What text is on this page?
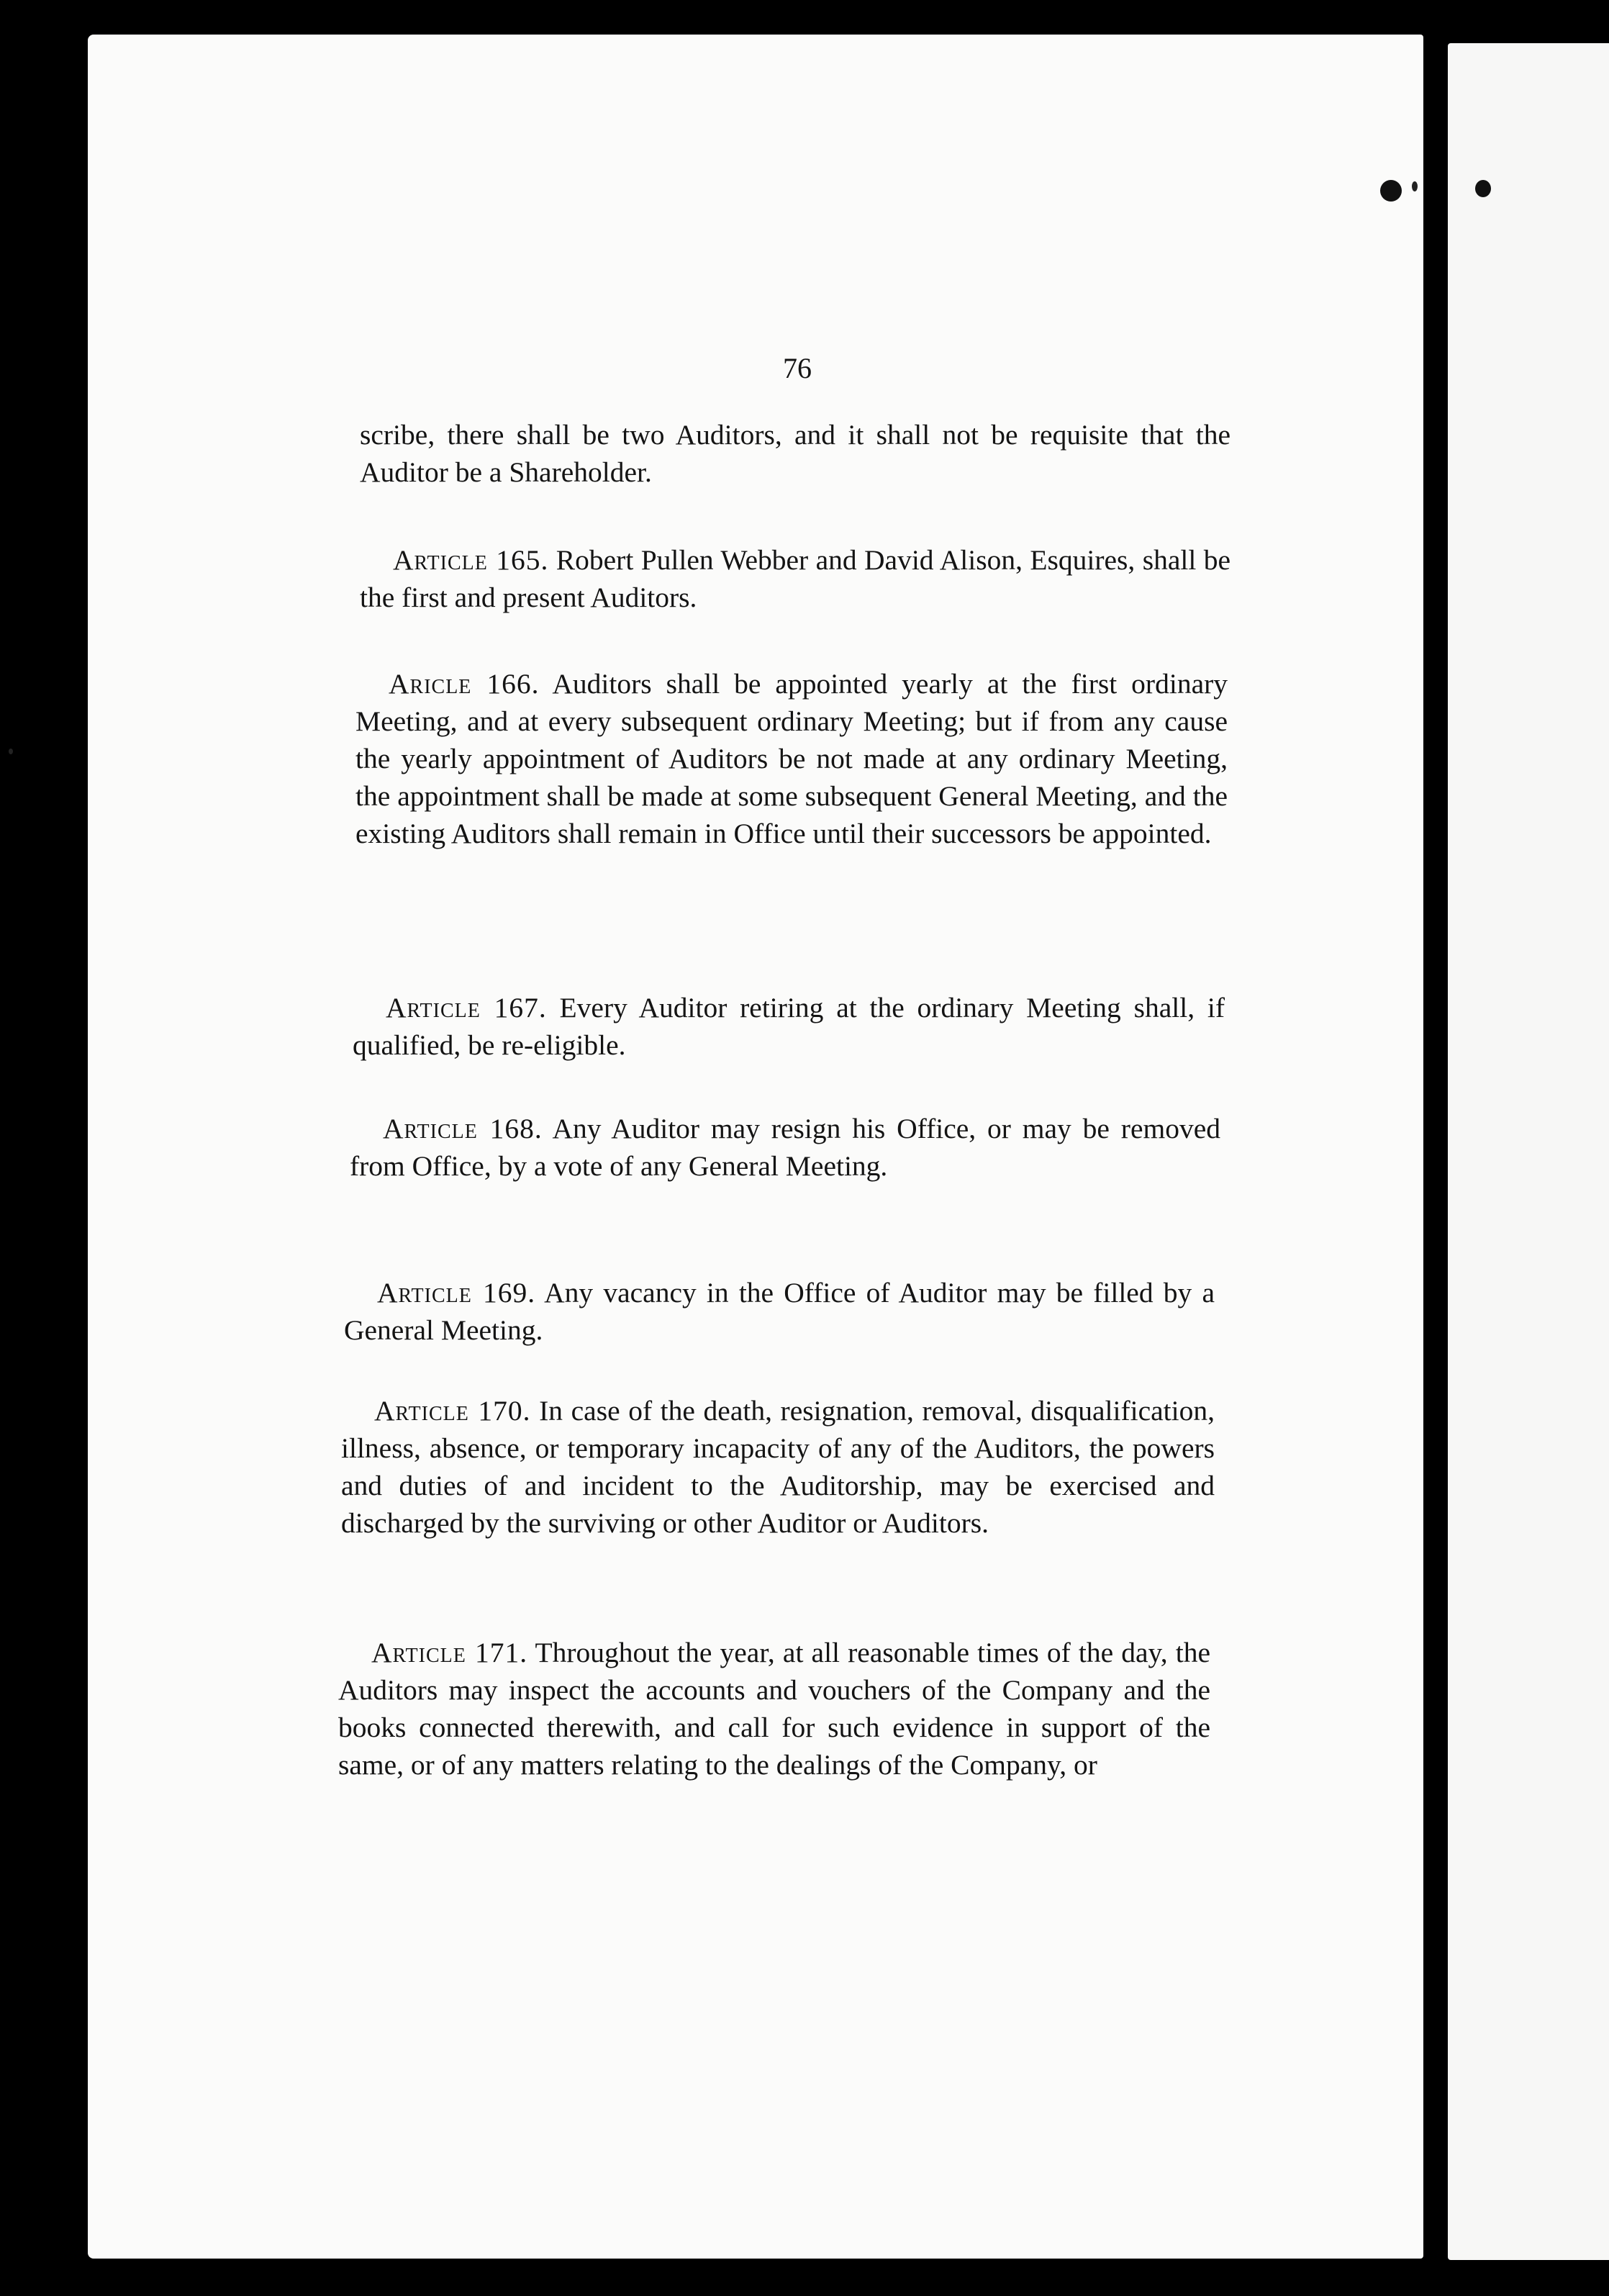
76

scribe, there shall be two Auditors, and it shall not be requisite that the Auditor be a Shareholder.

Article 165. Robert Pullen Webber and David Alison, Esquires, shall be the first and present Auditors.

Aricle 166. Auditors shall be appointed yearly at the first ordinary Meeting, and at every subsequent ordinary Meeting; but if from any cause the yearly appointment of Auditors be not made at any ordinary Meeting, the appointment shall be made at some subsequent General Meeting, and the existing Auditors shall remain in Office until their successors be appointed.

Article 167. Every Auditor retiring at the ordinary Meeting shall, if qualified, be re-eligible.

Article 168. Any Auditor may resign his Office, or may be removed from Office, by a vote of any General Meeting.

Article 169. Any vacancy in the Office of Auditor may be filled by a General Meeting.

Article 170. In case of the death, resignation, removal, disqualification, illness, absence, or temporary incapacity of any of the Auditors, the powers and duties of and incident to the Auditorship, may be exercised and discharged by the surviving or other Auditor or Auditors.

Article 171. Throughout the year, at all reasonable times of the day, the Auditors may inspect the accounts and vouchers of the Company and the books connected therewith, and call for such evidence in support of the same, or of any matters relating to the dealings of the Company, or
